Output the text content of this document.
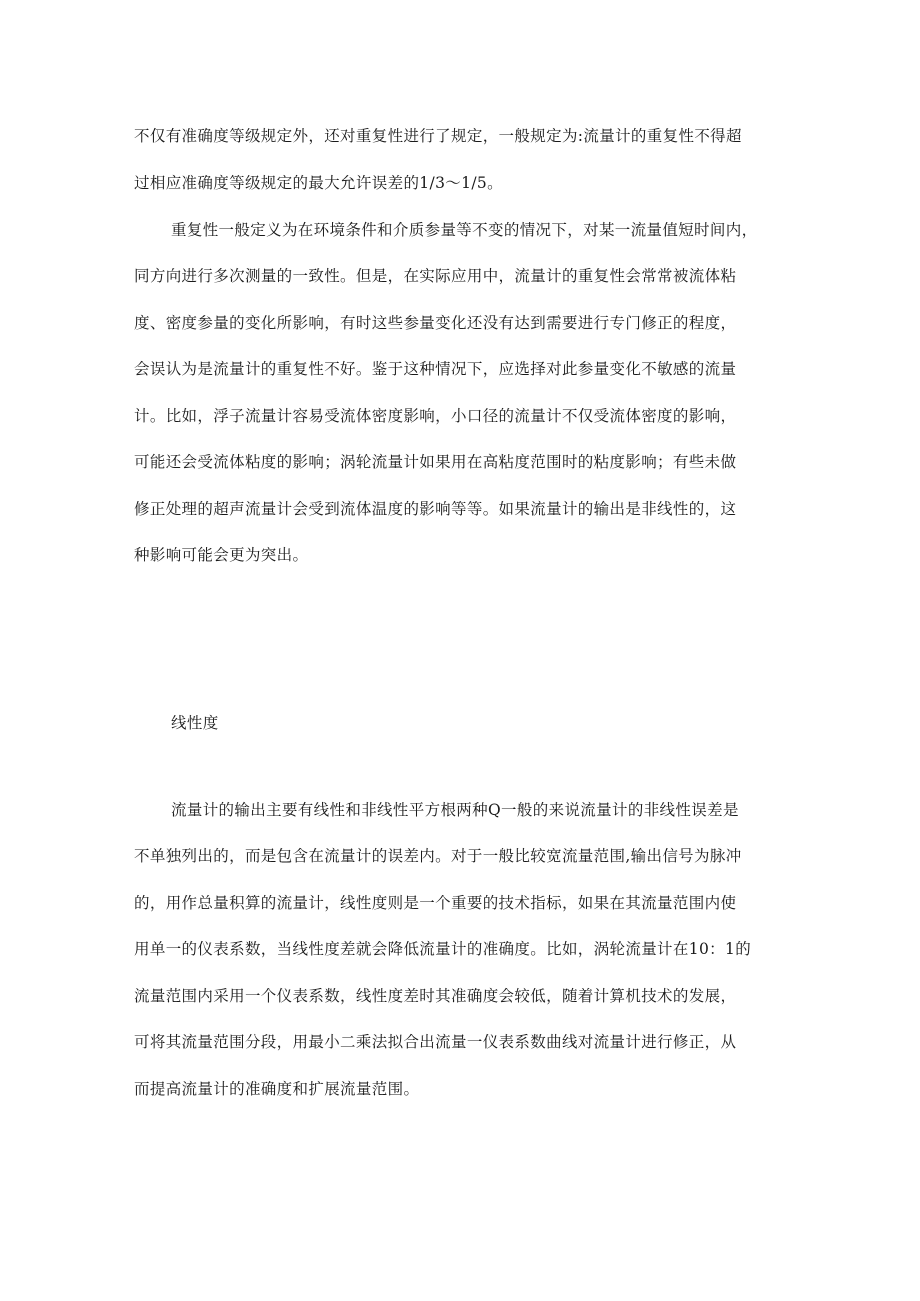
不仅有准确度等级规定外，还对重复性进行了规定，一般规定为:流量计的重复性不得超
过相应准确度等级规定的最大允许误差的1/3～1/5。
重复性一般定义为在环境条件和介质参量等不变的情况下，对某一流量值短时间内，
同方向进行多次测量的一致性。但是，在实际应用中，流量计的重复性会常常被流体粘
度、密度参量的变化所影响，有时这些参量变化还没有达到需要进行专门修正的程度，
会误认为是流量计的重复性不好。鉴于这种情况下，应选择对此参量变化不敏感的流量
计。比如，浮子流量计容易受流体密度影响，小口径的流量计不仅受流体密度的影响，
可能还会受流体粘度的影响；涡轮流量计如果用在高粘度范围时的粘度影响；有些未做
修正处理的超声流量计会受到流体温度的影响等等。如果流量计的输出是非线性的，这
种影响可能会更为突出。
线性度
流量计的输出主要有线性和非线性平方根两种Q一般的来说流量计的非线性误差是
不单独列出的，而是包含在流量计的误差内。对于一般比较宽流量范围,输出信号为脉冲
的，用作总量积算的流量计，线性度则是一个重要的技术指标，如果在其流量范围内使
用单一的仪表系数，当线性度差就会降低流量计的准确度。比如，涡轮流量计在10：1的
流量范围内采用一个仪表系数，线性度差时其准确度会较低，随着计算机技术的发展，
可将其流量范围分段，用最小二乘法拟合出流量一仪表系数曲线对流量计进行修正，从
而提高流量计的准确度和扩展流量范围。
